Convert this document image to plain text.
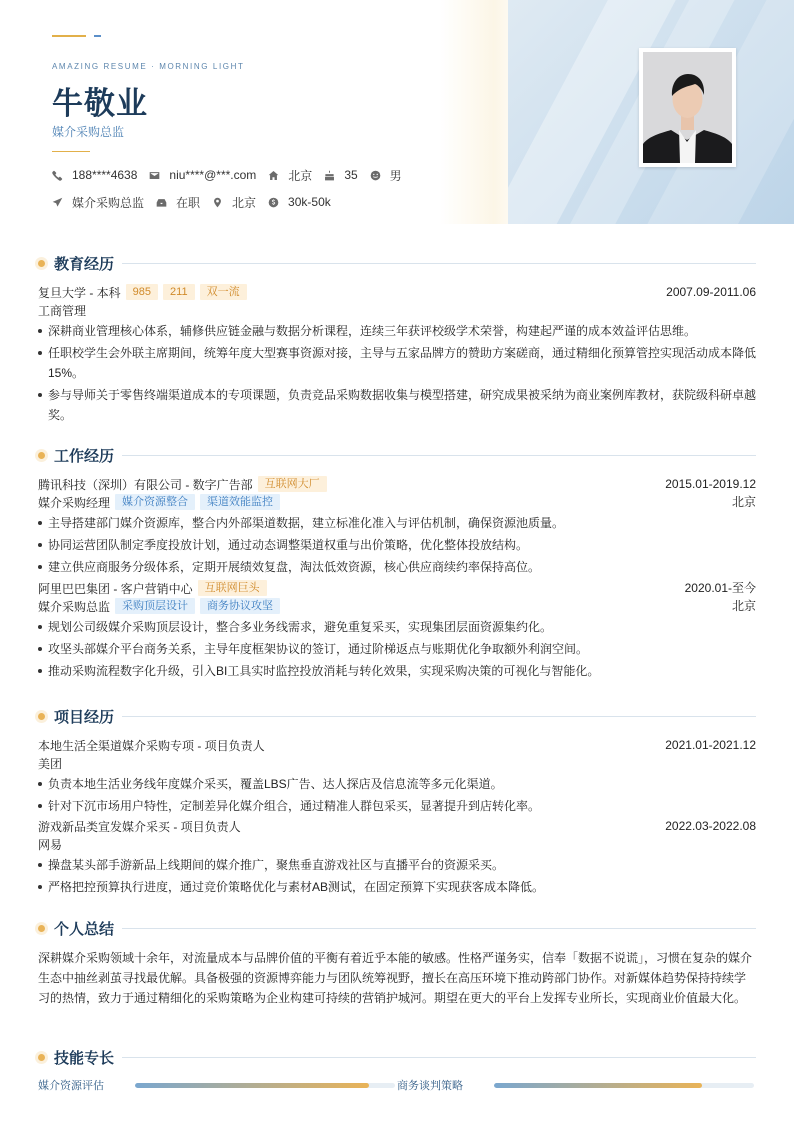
AMAZING RESUME · MORNING LIGHT
牛敬业
媒介采购总监
188****4638	niu****@***.com	北京	35	男
媒介采购总监	在职	北京	30k-50k
教育经历
复旦大学 - 本科	985	211	双一流	2007.09-2011.06
工商管理
深耕商业管理核心体系，辅修供应链金融与数据分析课程，连续三年获评校级学术荣誉，构建起严谨的成本效益评估思维。
任职校学生会外联主席期间，统筹年度大型赛事资源对接，主导与五家品牌方的赞助方案磋商，通过精细化预算管控实现活动成本降低 15%。
参与导师关于零售终端渠道成本的专项课题，负责竞品采购数据收集与模型搭建，研究成果被采纳为商业案例库教材，获院级科研卓越奖。
工作经历
腾讯科技（深圳）有限公司 - 数字广告部	互联网大厂	2015.01-2019.12
媒介采购经理	媒介资源整合	渠道效能监控	北京
主导搭建部门媒介资源库，整合内外部渠道数据，建立标准化准入与评估机制，确保资源池质量。
协同运营团队制定季度投放计划，通过动态调整渠道权重与出价策略，优化整体投放结构。
建立供应商服务分级体系，定期开展绩效复盘，淘汰低效资源，核心供应商续约率保持高位。
阿里巴巴集团 - 客户营销中心	互联网巨头	2020.01-至今
媒介采购总监	采购顶层设计	商务协议攻坚	北京
规划公司级媒介采购顶层设计，整合多业务线需求，避免重复采买，实现集团层面资源集约化。
攻坚头部媒介平台商务关系，主导年度框架协议的签订，通过阶梯返点与账期优化争取额外利润空间。
推动采购流程数字化升级，引入BI工具实时监控投放消耗与转化效果，实现采购决策的可视化与智能化。
项目经历
本地生活全渠道媒介采购专项 - 项目负责人	2021.01-2021.12
美团
负责本地生活业务线年度媒介采买，覆盖LBS广告、达人探店及信息流等多元化渠道。
针对下沉市场用户特性，定制差异化媒介组合，通过精准人群包采买，显著提升到店转化率。
游戏新品类宣发媒介采买 - 项目负责人	2022.03-2022.08
网易
操盘某头部手游新品上线期间的媒介推广，聚焦垂直游戏社区与直播平台的资源采买。
严格把控预算执行进度，通过竞价策略优化与素材AB测试，在固定预算下实现获客成本降低。
个人总结

深耕媒介采购领域十余年，对流量成本与品牌价值的平衡有着近乎本能的敏感。性格严谨务实，信奉「数据不说谎」，习惯在复杂的媒介生态中抽丝剥茧寻找最优解。具备极强的资源博弈能力与团队统筹视野，擅长在高压环境下推动跨部门协作。对新媒体趋势保持持续学习的热情，致力于通过精细化的采购策略为企业构建可持续的营销护城河。期望在更大的平台上发挥专业所长，实现商业价值最大化。

技能专长
媒介资源评估	商务谈判策略
